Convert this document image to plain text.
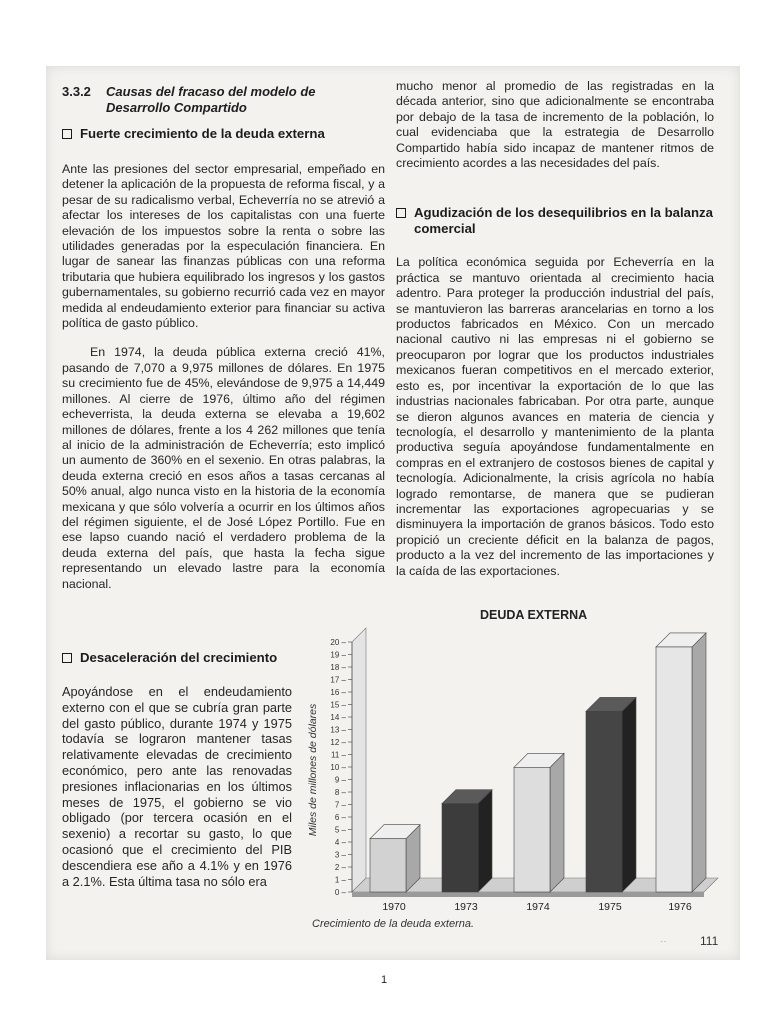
3.3.2 Causas del fracaso del modelo de Desarrollo Compartido
Fuerte crecimiento de la deuda externa

Ante las presiones del sector empresarial, empeñado en detener la aplicación de la propuesta de reforma fiscal, y a pesar de su radicalismo verbal, Echeverría no se atrevió a afectar los intereses de los capitalistas con una fuerte elevación de los impuestos sobre la renta o sobre las utilidades generadas por la especulación financiera. En lugar de sanear las finanzas públicas con una reforma tributaria que hubiera equilibrado los ingresos y los gastos gubernamentales, su gobierno recurrió cada vez en mayor medida al endeudamiento exterior para financiar su activa política de gasto público.

En 1974, la deuda pública externa creció 41%, pasando de 7,070 a 9,975 millones de dólares. En 1975 su crecimiento fue de 45%, elevándose de 9,975 a 14,449 millones. Al cierre de 1976, último año del régimen echeverrista, la deuda externa se elevaba a 19,602 millones de dólares, frente a los 4 262 millones que tenía al inicio de la administración de Echeverría; esto implicó un aumento de 360% en el sexenio. En otras palabras, la deuda externa creció en esos años a tasas cercanas al 50% anual, algo nunca visto en la historia de la economía mexicana y que sólo volvería a ocurrir en los últimos años del régimen siguiente, el de José López Portillo. Fue en ese lapso cuando nació el verdadero problema de la deuda externa del país, que hasta la fecha sigue representando un elevado lastre para la economía nacional.

Desaceleración del crecimiento

Apoyándose en el endeudamiento externo con el que se cubría gran parte del gasto público, durante 1974 y 1975 todavía se lograron mantener tasas relativamente elevadas de crecimiento económico, pero ante las renovadas presiones inflacionarias en los últimos meses de 1975, el gobierno se vio obligado (por tercera ocasión en el sexenio) a recortar su gasto, lo que ocasionó que el crecimiento del PIB descendiera ese año a 4.1% y en 1976 a 2.1%. Esta última tasa no sólo era

mucho menor al promedio de las registradas en la década anterior, sino que adicionalmente se encontraba por debajo de la tasa de incremento de la población, lo cual evidenciaba que la estrategia de Desarrollo Compartido había sido incapaz de mantener ritmos de crecimiento acordes a las necesidades del país.

Agudización de los desequilibrios en la balanza comercial

La política económica seguida por Echeverría en la práctica se mantuvo orientada al crecimiento hacia adentro. Para proteger la producción industrial del país, se mantuvieron las barreras arancelarias en torno a los productos fabricados en México. Con un mercado nacional cautivo ni las empresas ni el gobierno se preocuparon por lograr que los productos industriales mexicanos fueran competitivos en el mercado exterior, esto es, por incentivar la exportación de lo que las industrias nacionales fabricaban. Por otra parte, aunque se dieron algunos avances en materia de ciencia y tecnología, el desarrollo y mantenimiento de la planta productiva seguía apoyándose fundamentalmente en compras en el extranjero de costosos bienes de capital y tecnología. Adicionalmente, la crisis agrícola no había logrado remontarse, de manera que se pudieran incrementar las exportaciones agropecuarias y se disminuyera la importación de granos básicos. Todo esto propició un creciente déficit en la balanza de pagos, producto a la vez del incremento de las importaciones y la caída de las exportaciones.

DEUDA EXTERNA
0 –
1 –
2 –
3 –
4 –
5 –
6 –
7 –
8 –
9 –
10 –
11 –
12 –
13 –
14 –
15 –
16 –
17 –
18 –
19 –
20 –
1970	1973	1974	1975	1976
Miles de millones de dólares
Crecimiento de la deuda externa.
‥	111
1
